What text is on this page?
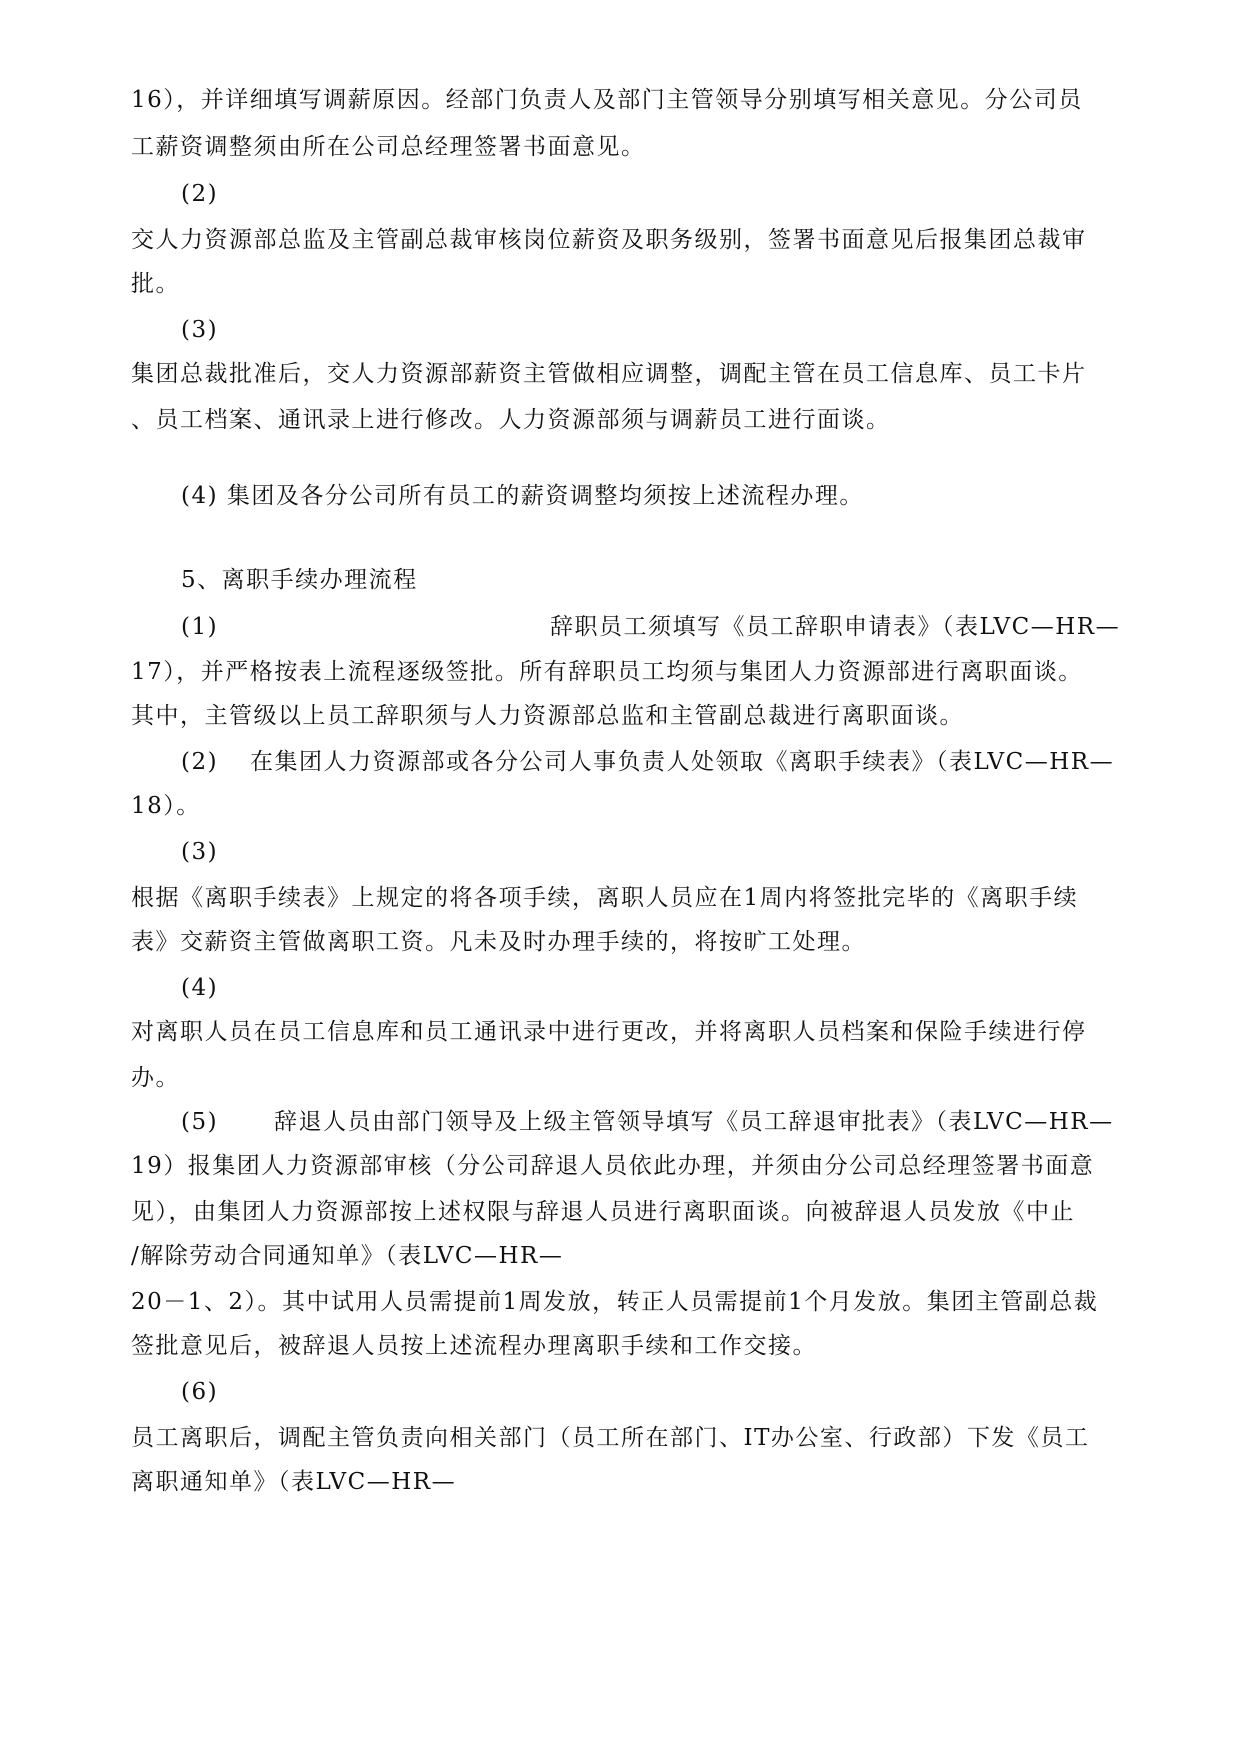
16），并详细填写调薪原因。经部门负责人及部门主管领导分别填写相关意见。分公司员
工薪资调整须由所在公司总经理签署书面意见。
(2)
交人力资源部总监及主管副总裁审核岗位薪资及职务级别，签署书面意见后报集团总裁审
批。
(3)
集团总裁批准后，交人力资源部薪资主管做相应调整，调配主管在员工信息库、员工卡片
、员工档案、通讯录上进行修改。人力资源部须与调薪员工进行面谈。
(4) 集团及各分公司所有员工的薪资调整均须按上述流程办理。
5、离职手续办理流程
(1)	辞职员工须填写《员工辞职申请表》（表LVC—HR—
17），并严格按表上流程逐级签批。所有辞职员工均须与集团人力资源部进行离职面谈。
其中，主管级以上员工辞职须与人力资源部总监和主管副总裁进行离职面谈。
(2) 在集团人力资源部或各分公司人事负责人处领取《离职手续表》（表LVC—HR—
18）。
(3)
根据《离职手续表》上规定的将各项手续，离职人员应在1周内将签批完毕的《离职手续
表》交薪资主管做离职工资。凡未及时办理手续的，将按旷工处理。
(4)
对离职人员在员工信息库和员工通讯录中进行更改，并将离职人员档案和保险手续进行停
办。
(5) 辞退人员由部门领导及上级主管领导填写《员工辞退审批表》（表LVC—HR—
19）报集团人力资源部审核（分公司辞退人员依此办理，并须由分公司总经理签署书面意
见），由集团人力资源部按上述权限与辞退人员进行离职面谈。向被辞退人员发放《中止
/解除劳动合同通知单》（表LVC—HR—
20－1、2）。其中试用人员需提前1周发放，转正人员需提前1个月发放。集团主管副总裁
签批意见后，被辞退人员按上述流程办理离职手续和工作交接。
(6)
员工离职后，调配主管负责向相关部门（员工所在部门、IT办公室、行政部）下发《员工
离职通知单》（表LVC—HR—
